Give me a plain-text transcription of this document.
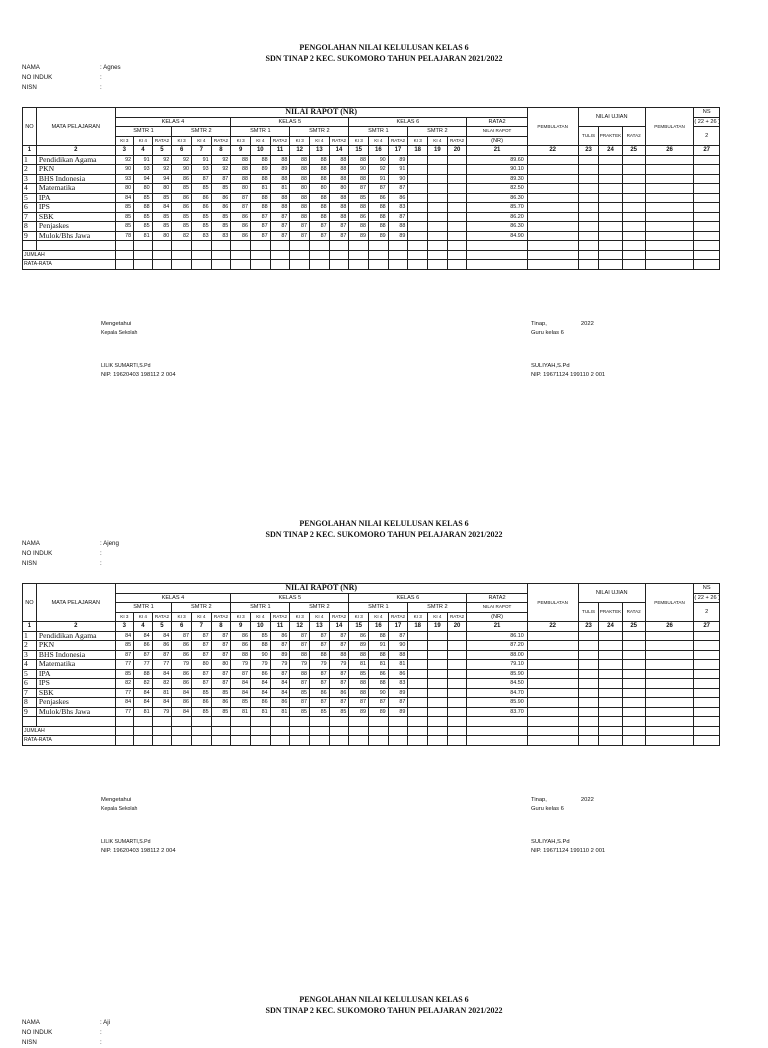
PENGOLAHAN NILAI KELULUSAN KELAS 6
SDN TINAP 2 KEC. SUKOMORO TAHUN PELAJARAN 2021/2022
NAMA	: Agnes
NO INDUK	:
NISN	:
NO	MATA PELAJARAN	NILAI RAPOT (NR)																			PEMBULATAN	NILAI UJIAN			PEMBULATAN	NS
		KELAS 4						KELAS 5						KELAS 6						RATA2						( 22 + 26 )
		SMTR 1			SMTR 2			SMTR 1			SMTR 2			SMTR 1			SMTR 2			NILAI RAPOT		TULIS	PRAKTEK	RATA2		2
		KI 3	KI 4	RATA2	KI 3	KI 4	RATA2	KI 3	KI 4	RATA2	KI 3	KI 4	RATA2	KI 3	KI 4	RATA2	KI 3	KI 4	RATA2	(NR)						
1	2	3	4	5	6	7	8	9	10	11	12	13	14	15	16	17	18	19	20	21	22	23	24	25	26	27
1	Pendidikan Agama	92	91	92	92	91	92	88	88	88	88	88	88	88	90	89				89.60						
2	PKN	90	93	92	90	93	92	88	89	89	88	88	88	90	92	91				90.10						
3	BHS Indonesia	93	94	94	86	87	87	88	88	88	88	88	88	88	91	90				89.30						
4	Matematika	80	80	80	85	85	85	80	81	81	80	80	80	87	87	87				82.50						
5	IPA	84	85	85	86	86	86	87	88	88	88	88	88	85	86	86				86.30						
6	IPS	85	88	84	86	86	86	87	88	88	88	88	88	88	88	83				85.70						
7	SBK	85	85	85	85	85	85	86	87	87	88	88	88	86	88	87				86.20						
8	Penjaskes	85	85	85	85	85	85	86	87	87	87	87	87	88	88	88				86.30						
9	Mulok/Bhs Jawa	78	81	80	82	83	83	86	87	87	87	87	87	89	89	89				84.90						

JUMLAH																										
RATA-RATA																										
Mengetahui
Kepala Sekolah
LILIK SUMARTI,S.Pd
NIP. 19620403 198112 2 004
Tinap,	2022
Guru kelas 6
SULIYAH,S.Pd
NIP. 19671124 199110 2 001
PENGOLAHAN NILAI KELULUSAN KELAS 6
SDN TINAP 2 KEC. SUKOMORO TAHUN PELAJARAN 2021/2022
NAMA	: Ajeng
NO INDUK	:
NISN	:
NO	MATA PELAJARAN	NILAI RAPOT (NR)																			PEMBULATAN	NILAI UJIAN			PEMBULATAN	NS
		KELAS 4						KELAS 5						KELAS 6						RATA2						( 22 + 26 )
		SMTR 1			SMTR 2			SMTR 1			SMTR 2			SMTR 1			SMTR 2			NILAI RAPOT		TULIS	PRAKTEK	RATA2		2
		KI 3	KI 4	RATA2	KI 3	KI 4	RATA2	KI 3	KI 4	RATA2	KI 3	KI 4	RATA2	KI 3	KI 4	RATA2	KI 3	KI 4	RATA2	(NR)						
1	2	3	4	5	6	7	8	9	10	11	12	13	14	15	16	17	18	19	20	21	22	23	24	25	26	27
1	Pendidikan Agama	84	84	84	87	87	87	86	85	86	87	87	87	86	88	87				86.10						
2	PKN	85	86	86	86	87	87	86	88	87	87	87	87	89	91	90				87.20						
3	BHS Indonesia	87	87	87	86	87	87	88	90	89	88	88	88	88	88	88				88.00						
4	Matematika	77	77	77	79	80	80	79	79	79	79	79	79	81	81	81				79.10						
5	IPA	85	88	84	86	87	87	87	86	87	88	87	87	85	86	86				85.90						
6	IPS	82	82	82	86	87	87	84	84	84	87	87	87	88	88	83				84.50						
7	SBK	77	84	81	84	85	85	84	84	84	85	86	86	88	90	89				84.70						
8	Penjaskes	84	84	84	86	86	86	85	86	86	87	87	87	87	87	87				85.90						
9	Mulok/Bhs Jawa	77	81	79	84	85	85	81	81	81	85	85	85	89	89	89				83.70						

JUMLAH																										
RATA-RATA																										
Mengetahui
Kepala Sekolah
LILIK SUMARTI,S.Pd
NIP. 19620403 198112 2 004
Tinap,	2022
Guru kelas 6
SULIYAH,S.Pd
NIP. 19671124 199110 2 001
PENGOLAHAN NILAI KELULUSAN KELAS 6
SDN TINAP 2 KEC. SUKOMORO TAHUN PELAJARAN 2021/2022
NAMA	: Aji
NO INDUK	:
NISN	:
